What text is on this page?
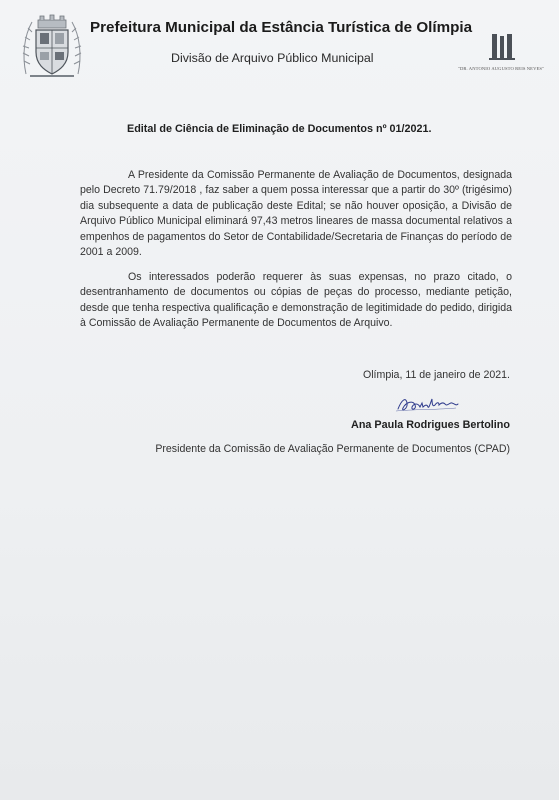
Prefeitura Municipal da Estância Turística de Olímpia
Divisão de Arquivo Público Municipal
"DR. ANTONIO AUGUSTO REIS NEVES"
Edital de Ciência de Eliminação de Documentos nº 01/2021.

A Presidente da Comissão Permanente de Avaliação de Documentos, designada pelo Decreto 71.79/2018 , faz saber a quem possa interessar que a partir do 30º (trigésimo) dia subsequente a data de publicação deste Edital; se não houver oposição, a Divisão de Arquivo Público Municipal eliminará 97,43 metros lineares de massa documental relativos a empenhos de pagamentos do Setor de Contabilidade/Secretaria de Finanças do período de 2001 a 2009.

Os interessados poderão requerer às suas expensas, no prazo citado, o desentranhamento de documentos ou cópias de peças do processo, mediante petição, desde que tenha respectiva qualificação e demonstração de legitimidade do pedido, dirigida à Comissão de Avaliação Permanente de Documentos de Arquivo.

Olímpia, 11 de janeiro de 2021.
Ana Paula Rodrigues Bertolino
Presidente da Comissão de Avaliação Permanente de Documentos (CPAD)
